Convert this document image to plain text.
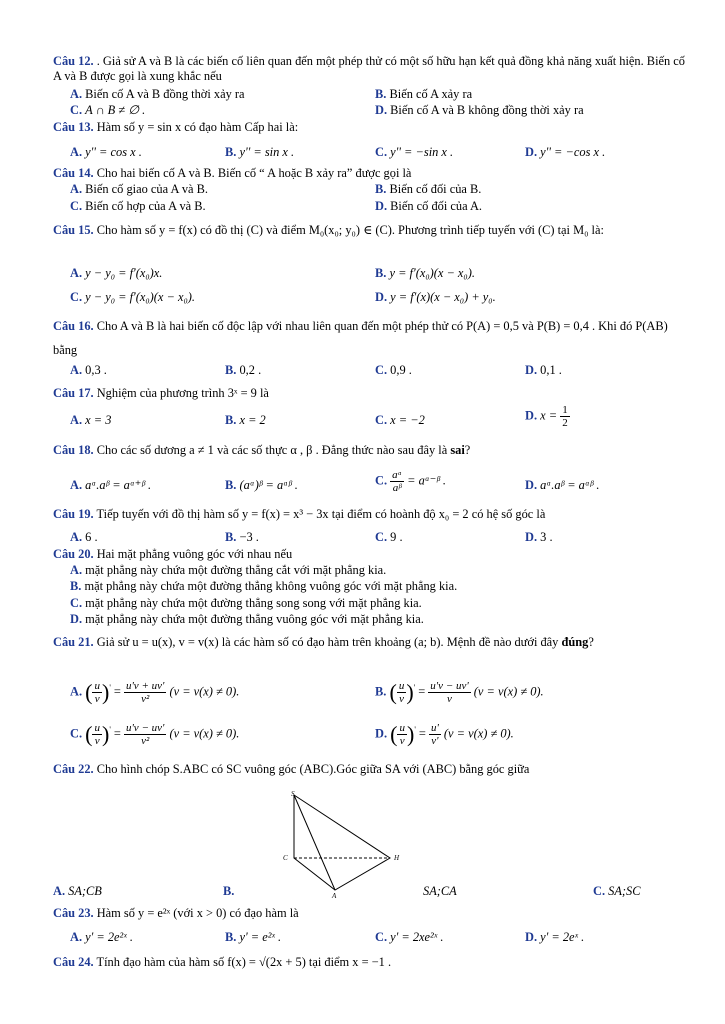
Câu 12. . Giả sử A và B là các biến cố liên quan đến một phép thử có một số hữu hạn kết quả đồng khả năng xuất hiện. Biến cố A và B được gọi là xung khắc nếu
A. Biến cố A và B đồng thời xảy ra	B. Biến cố A xảy ra
C. A ∩ B ≠ ∅ .	D. Biến cố A và B không đồng thời xảy ra
Câu 13. Hàm số y = sin x có đạo hàm Cấp hai là:
A. y'' = cos x .	B. y'' = sin x .	C. y'' = −sin x .	D. y'' = −cos x .
Câu 14. Cho hai biến cố A và B. Biến cố “ A hoặc B xảy ra” được gọi là
A. Biến cố giao của A và B.	B. Biến cố đối của B.
C. Biến cố hợp của A và B.	D. Biến cố đối của A.
Câu 15. Cho hàm số y = f(x) có đồ thị (C) và điểm M₀(x₀; y₀) ∈ (C). Phương trình tiếp tuyến với (C) tại M₀ là:
A. y − y₀ = f′(x₀)x.	B. y = f′(x₀)(x − x₀).
C. y − y₀ = f′(x₀)(x − x₀).	D. y = f′(x)(x − x₀) + y₀.
Câu 16. Cho A và B là hai biến cố độc lập với nhau liên quan đến một phép thử có P(A) = 0,5 và P(B) = 0,4 . Khi đó P(AB) bằng
A. 0,3 .	B. 0,2 .	C. 0,9 .	D. 0,1 .
Câu 17. Nghiệm của phương trình 3ˣ = 9 là
A. x = 3	B. x = 2	C. x = −2	D. $x = \frac{1}{2}$
Câu 18. Cho các số dương a ≠ 1 và các số thực α , β . Đẳng thức nào sau đây là sai?
A. aᵅ.aᵝ = aᵅ⁺ᵝ .	B. (aᵅ)ᵝ = aᵅᵝ .	C. $\frac{\text{aᵅ}}{\text{aᵝ}}$ = aᵅ⁻ᵝ .	D. aᵅ.aᵝ = aᵅᵝ .
Câu 19. Tiếp tuyến với đồ thị hàm số y = f(x) = x³ − 3x tại điểm có hoành độ x₀ = 2 có hệ số góc là
A. 6 .	B. −3 .	C. 9 .	D. 3 .
Câu 20. Hai mặt phẳng vuông góc với nhau nếu
A. mặt phẳng này chứa một đường thẳng cắt với mặt phẳng kia.
B. mặt phẳng này chứa một đường thẳng không vuông góc với mặt phẳng kia.
C. mặt phẳng này chứa một đường thẳng song song với mặt phẳng kia.
D. mặt phẳng này chứa một đường thẳng vuông góc với mặt phẳng kia.
Câu 21. Giả sử u = u(x), v = v(x) là các hàm số có đạo hàm trên khoảng (a; b). Mệnh đề nào dưới đây đúng?
A. ( $\frac{u}{v} )' = \frac{u'v + uv'}{\text{v²}} (v = v(x) \ne 0)$.	B. ( $\frac{u}{v} )' = \frac{u'v - uv'}{v} (v = v(x) \ne 0)$.
C. ( $\frac{u}{v} )' = \frac{u'v - uv'}{\text{v²}} (v = v(x) \ne 0)$.	D. ( $\frac{u}{v} )' = \frac{u'}{v'} (v = v(x) \ne 0)$.
Câu 22. Cho hình chóp S.ABC có SC vuông góc (ABC).Góc giữa SA với (ABC) bằng góc giữa
S
C	H
A
A. SA;CB	B.	SA;CA	C. SA;SC
Câu 23. Hàm số y = e²ˣ (với x > 0) có đạo hàm là
A. y' = 2e²ˣ .	B. y' = e²ˣ .	C. y' = 2xe²ˣ .	D. y' = 2eˣ .
Câu 24. Tính đạo hàm của hàm số f(x) = √(2x + 5) tại điểm x = −1 .
